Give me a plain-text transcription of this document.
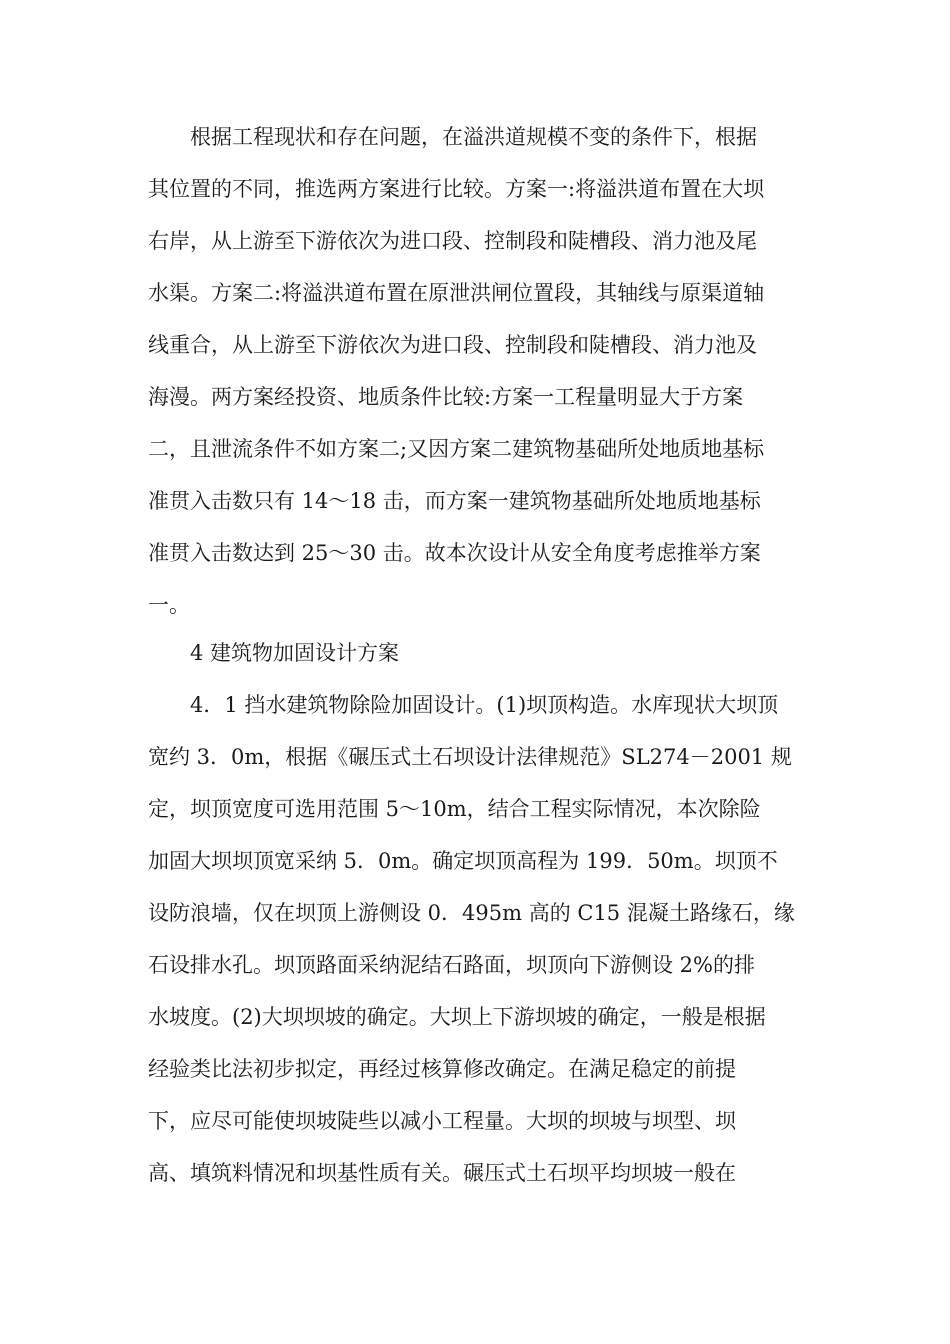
根据工程现状和存在问题，在溢洪道规模不变的条件下，根据
其位置的不同，推选两方案进行比较。方案一:将溢洪道布置在大坝
右岸，从上游至下游依次为进口段、控制段和陡槽段、消力池及尾
水渠。方案二:将溢洪道布置在原泄洪闸位置段，其轴线与原渠道轴
线重合，从上游至下游依次为进口段、控制段和陡槽段、消力池及
海漫。两方案经投资、地质条件比较:方案一工程量明显大于方案
二，且泄流条件不如方案二;又因方案二建筑物基础所处地质地基标
准贯入击数只有 14～18 击，而方案一建筑物基础所处地质地基标
准贯入击数达到 25～30 击。故本次设计从安全角度考虑推举方案
一。
4 建筑物加固设计方案
4．1 挡水建筑物除险加固设计。(1)坝顶构造。水库现状大坝顶
宽约 3．0m，根据《碾压式土石坝设计法律规范》SL274－2001 规
定，坝顶宽度可选用范围 5～10m，结合工程实际情况，本次除险
加固大坝坝顶宽采纳 5．0m。确定坝顶高程为 199．50m。坝顶不
设防浪墙，仅在坝顶上游侧设 0．495m 高的 C15 混凝土路缘石，缘
石设排水孔。坝顶路面采纳泥结石路面，坝顶向下游侧设 2%的排
水坡度。(2)大坝坝坡的确定。大坝上下游坝坡的确定，一般是根据
经验类比法初步拟定，再经过核算修改确定。在满足稳定的前提
下，应尽可能使坝坡陡些以减小工程量。大坝的坝坡与坝型、坝
高、填筑料情况和坝基性质有关。碾压式土石坝平均坝坡一般在
